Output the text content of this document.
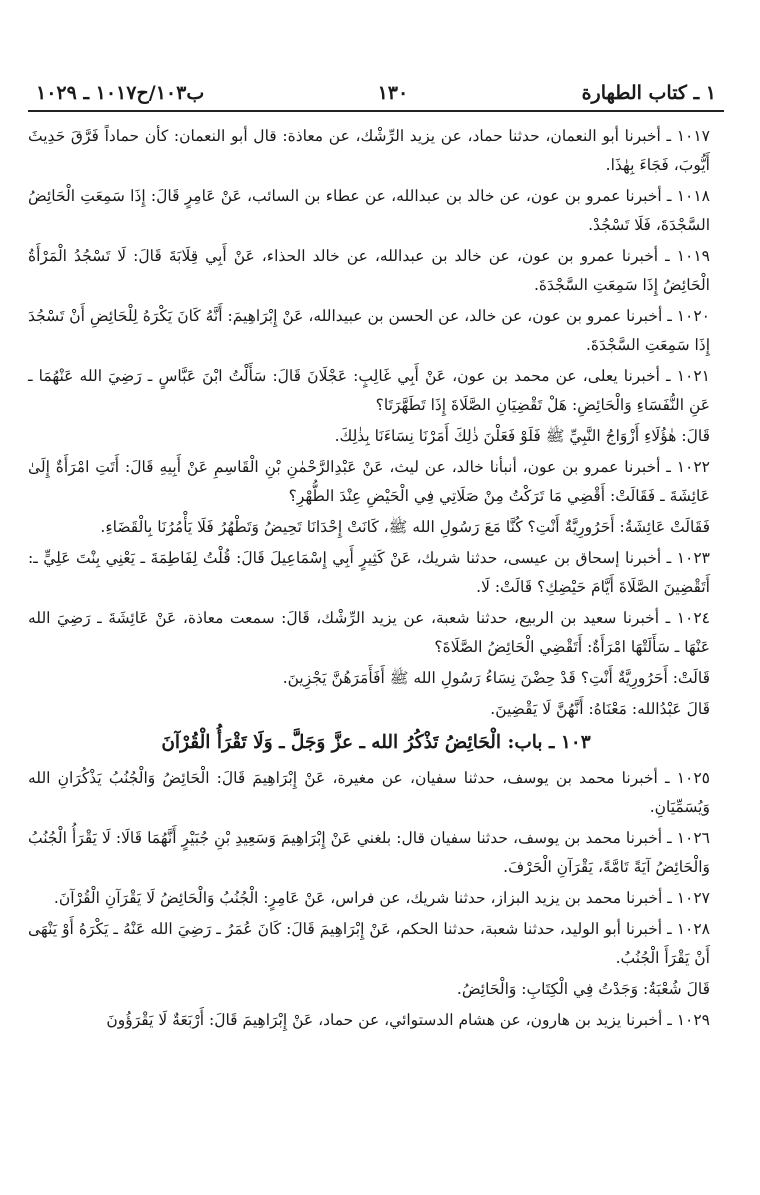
١ ـ كتاب الطهارة
١٣٠
ب١٠٣/ح١٠١٧ ـ ١٠٢٩

١٠١٧ ـ أخبرنا أبو النعمان، حدثنا حماد، عن يزيد الرِّشْك، عن معاذة: قال أبو النعمان: كأن حماداً فَرَّقَ حَدِيثَ أَيُّوبَ، فَجَاءَ بِهٰذَا.

١٠١٨ ـ أخبرنا عمرو بن عون، عن خالد بن عبدالله، عن عطاء بن السائب، عَنْ عَامِرٍ قَالَ: إِذَا سَمِعَتِ الْحَائِضُ السَّجْدَةَ، فَلَا تَسْجُدْ.

١٠١٩ ـ أخبرنا عمرو بن عون، عن خالد بن عبدالله، عن خالد الحذاء، عَنْ أَبِي قِلَابَةَ قَالَ: لَا تَسْجُدُ الْمَرْأَةُ الْحَائِضُ إِذَا سَمِعَتِ السَّجْدَةَ.

١٠٢٠ ـ أخبرنا عمرو بن عون، عن خالد، عن الحسن بن عبيدالله، عَنْ إِبْرَاهِيمَ: أَنَّهُ كَانَ يَكْرَهُ لِلْحَائِضِ أَنْ تَسْجُدَ إِذَا سَمِعَتِ السَّجْدَةَ.

١٠٢١ ـ أخبرنا يعلى، عن محمد بن عون، عَنْ أَبِي غَالِبٍ: عَجْلَانَ قَالَ: سَأَلْتُ ابْنَ عَبَّاسٍ ـ رَضِيَ الله عَنْهُمَا ـ عَنِ النُّفَسَاءِ وَالْحَائِضِ: هَلْ تَقْضِيَانِ الصَّلَاةَ إِذَا تَطَهَّرَتَا؟

قَالَ: هٰؤُلَاءِ أَزْوَاجُ النَّبِيِّ ﷺ فَلَوْ فَعَلْنَ ذٰلِكَ أَمَرْنَا نِسَاءَنَا بِذٰلِكَ.

١٠٢٢ ـ أخبرنا عمرو بن عون، أنبأنا خالد، عن ليث، عَنْ عَبْدِالرَّحْمٰنِ بْنِ الْقَاسِمِ عَنْ أَبِيهِ قَالَ: أَتَتِ امْرَأَةٌ إِلَىٰ عَائِشَةَ ـ فَقَالَتْ: أَقْضِي مَا تَرَكْتُ مِنْ صَلَاتِي فِي الْحَيْضِ عِنْدَ الطُّهْرِ؟

فَقَالَتْ عَائِشَةُ: أَحَرُورِيَّةٌ أَنْتِ؟ كُنَّا مَعَ رَسُولِ الله ﷺ، كَانَتْ إِحْدَانَا تَحِيضُ وَتَطْهُرُ فَلَا يَأْمُرُنَا بِالْقَضَاءِ.

١٠٢٣ ـ أخبرنا إسحاق بن عيسى، حدثنا شريك، عَنْ كَثِيرٍ أَبِي إِسْمَاعِيلَ قَالَ: قُلْتُ لِفَاطِمَةَ ـ يَعْنِي بِنْتَ عَلِيٍّ ـ: أَتَقْضِينَ الصَّلَاةَ أَيَّامَ حَيْضِكِ؟ قَالَتْ: لَا.

١٠٢٤ ـ أخبرنا سعيد بن الربيع، حدثنا شعبة، عن يزيد الرِّشْك، قَالَ: سمعت معاذة، عَنْ عَائِشَةَ ـ رَضِيَ الله عَنْهَا ـ سَأَلَتْهَا امْرَأَةٌ: أَتَقْضِي الْحَائِضُ الصَّلَاةَ؟

قَالَتْ: أَحَرُورِيَّةٌ أَنْتِ؟ قَدْ حِضْنَ نِسَاءُ رَسُولِ الله ﷺ أَفَأَمَرَهُنَّ يَجْزِينَ.

قَالَ عَبْدُالله: مَعْنَاهُ: أَنَّهُنَّ لَا يَقْضِينَ.

١٠٣ ـ باب: الْحَائِضُ تَذْكُرُ الله ـ عزَّ وَجَلَّ ـ وَلَا تَقْرَأُ الْقُرْآنَ

١٠٢٥ ـ أخبرنا محمد بن يوسف، حدثنا سفيان، عن مغيرة، عَنْ إِبْرَاهِيمَ قَالَ: الْحَائِضُ وَالْجُنُبُ يَذْكُرَانِ الله وَيُسَمِّيَانِ.

١٠٢٦ ـ أخبرنا محمد بن يوسف، حدثنا سفيان قال: بلغني عَنْ إِبْرَاهِيمَ وَسَعِيدِ بْنِ جُبَيْرٍ أَنَّهُمَا قَالَا: لَا يَقْرَأُ الْجُنُبُ وَالْحَائِضُ آيَةً تَامَّةً، يَقْرَآنِ الْحَرْفَ.

١٠٢٧ ـ أخبرنا محمد بن يزيد البزاز، حدثنا شريك، عن فراس، عَنْ عَامِرٍ: الْجُنُبُ وَالْحَائِضُ لَا يَقْرَآنِ الْقُرْآنَ.

١٠٢٨ ـ أخبرنا أبو الوليد، حدثنا شعبة، حدثنا الحكم، عَنْ إِبْرَاهِيمَ قَالَ: كَانَ عُمَرُ ـ رَضِيَ الله عَنْهُ ـ يَكْرَهُ أَوْ يَنْهَى أَنْ يَقْرَأَ الْجُنُبُ.

قَالَ شُعْبَةُ: وَجَدْتُ فِي الْكِتَابِ: وَالْحَائِضُ.

١٠٢٩ ـ أخبرنا يزيد بن هارون، عن هشام الدستوائي، عن حماد، عَنْ إِبْرَاهِيمَ قَالَ: أَرْبَعَةٌ لَا يَقْرَؤُونَ
